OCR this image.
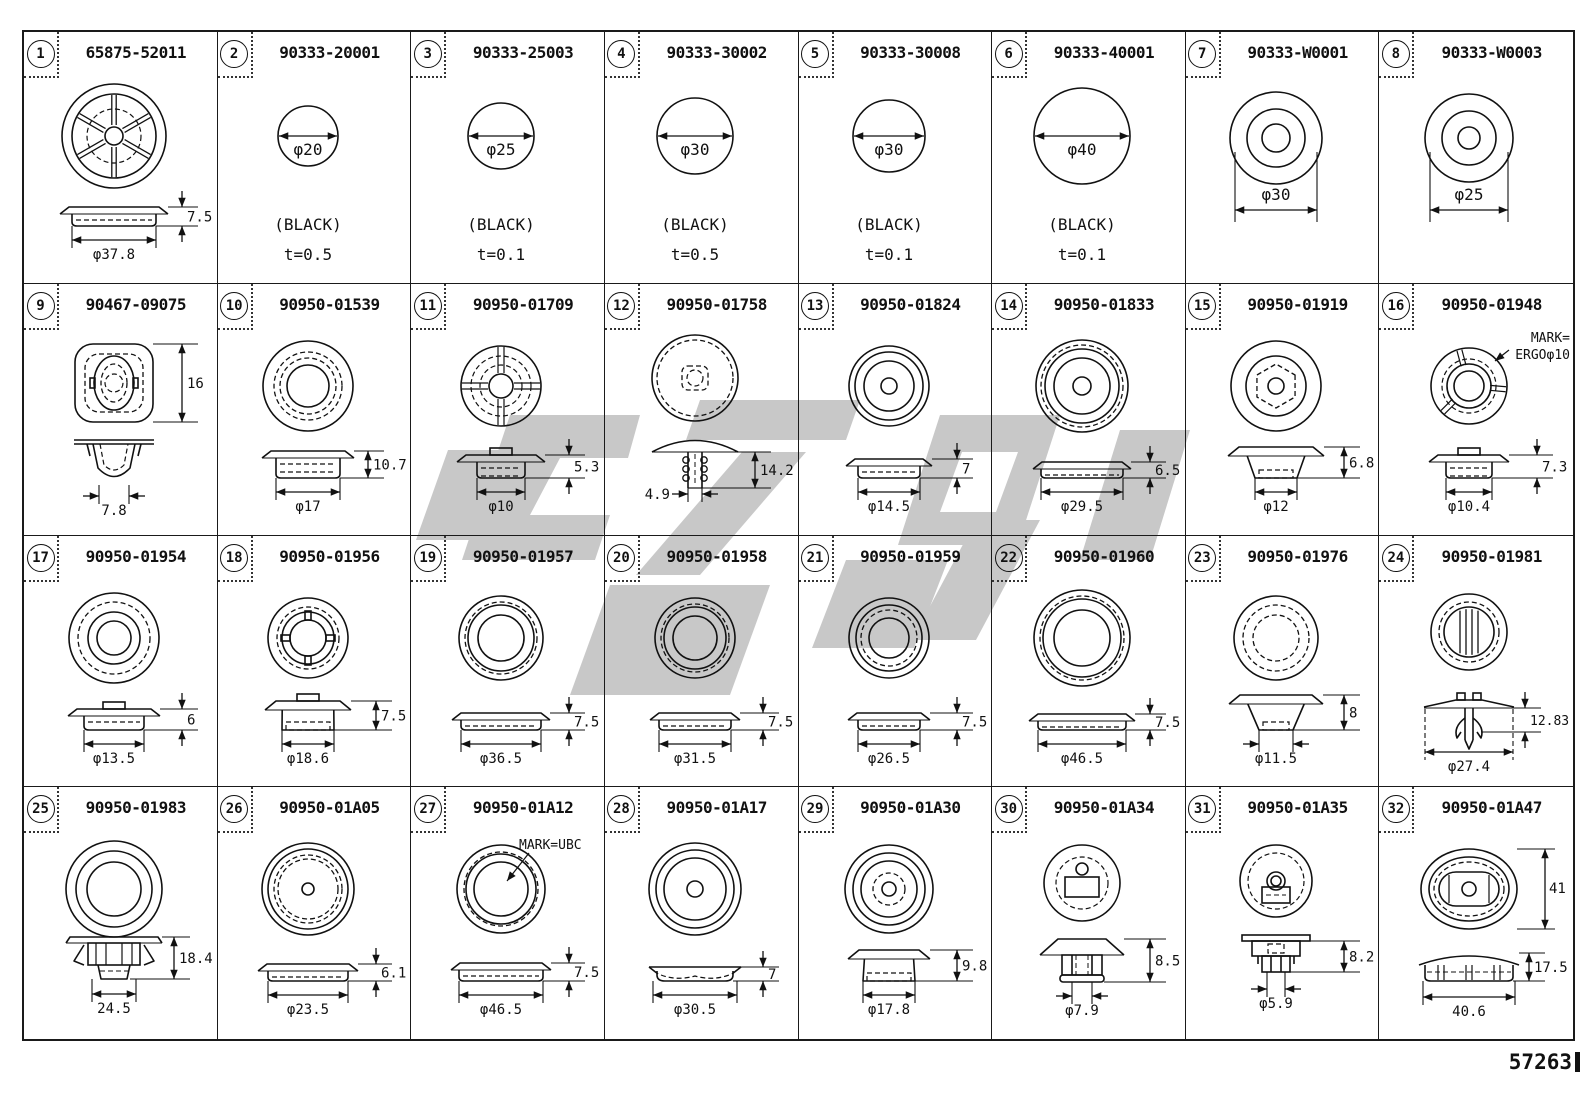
1	65875-52011
7.5
φ37.8
2	90333-20001
φ20
(BLACK)
t=0.5
3	90333-25003
φ25
(BLACK)
t=0.1
4	90333-30002
φ30
(BLACK)
t=0.5
5	90333-30008
φ30
(BLACK)
t=0.1
6	90333-40001
φ40
(BLACK)
t=0.1
7	90333-W0001
φ30
8	90333-W0003
φ25
9	90467-09075
16
7.8
10	90950-01539
10.7
φ17
11	90950-01709
5.3
φ10
12	90950-01758
14.2
4.9
13	90950-01824
7
φ14.5
14	90950-01833
6.5
φ29.5
15	90950-01919
6.8
φ12
16	90950-01948
7.3
φ10.4
MARK=
ERGOφ10
17	90950-01954
6
φ13.5
18	90950-01956
7.5
φ18.6
19	90950-01957
7.5
φ36.5
20	90950-01958
7.5
φ31.5
21	90950-01959
7.5
φ26.5
22	90950-01960
7.5
φ46.5
23	90950-01976
8
φ11.5
24	90950-01981
12.83
φ27.4
25	90950-01983
18.4
24.5
26	90950-01A05
6.1
φ23.5
27	90950-01A12
7.5
φ46.5
MARK=UBC
28	90950-01A17
7
φ30.5
29	90950-01A30
9.8
φ17.8
30	90950-01A34
8.5
φ7.9
31	90950-01A35
8.2
φ5.9
32	90950-01A47
17.5
40.6
41
57263
